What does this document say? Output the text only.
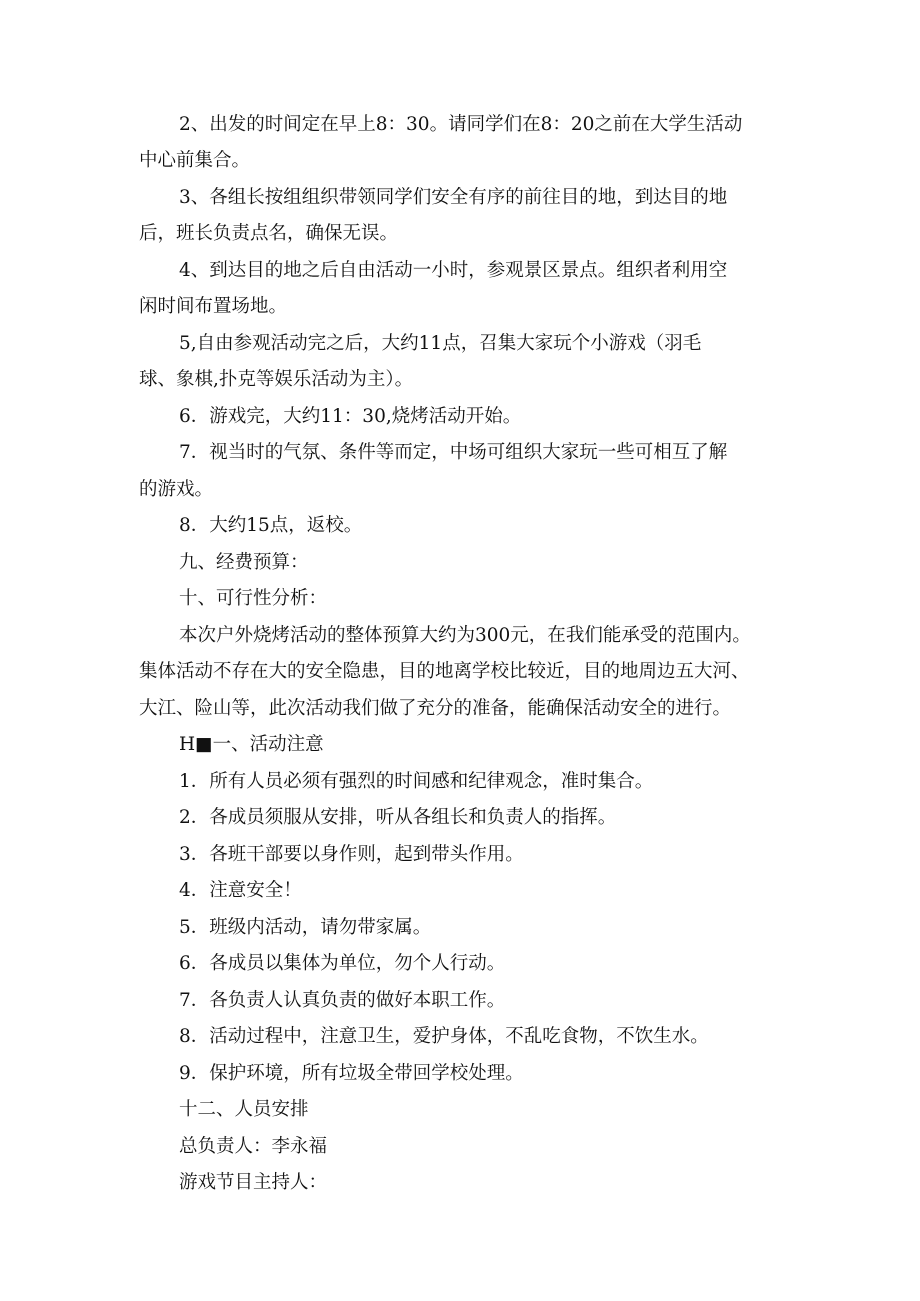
2、出发的时间定在早上8：30。请同学们在8：20之前在大学生活动
中心前集合。
3、各组长按组组织带领同学们安全有序的前往目的地，到达目的地
后，班长负责点名，确保无误。
4、到达目的地之后自由活动一小时，参观景区景点。组织者利用空
闲时间布置场地。
5,自由参观活动完之后，大约11点，召集大家玩个小游戏（羽毛
球、象棋,扑克等娱乐活动为主）。
6．游戏完，大约11：30,烧烤活动开始。
7．视当时的气氛、条件等而定，中场可组织大家玩一些可相互了解
的游戏。
8．大约15点，返校。
九、经费预算：
十、可行性分析：
本次户外烧烤活动的整体预算大约为300元，在我们能承受的范围内。
集体活动不存在大的安全隐患，目的地离学校比较近，目的地周边五大河、
大江、险山等，此次活动我们做了充分的准备，能确保活动安全的进行。
H■一、活动注意
1．所有人员必须有强烈的时间感和纪律观念，准时集合。
2．各成员须服从安排，听从各组长和负责人的指挥。
3．各班干部要以身作则，起到带头作用。
4．注意安全！
5．班级内活动，请勿带家属。
6．各成员以集体为单位，勿个人行动。
7．各负责人认真负责的做好本职工作。
8．活动过程中，注意卫生，爱护身体，不乱吃食物，不饮生水。
9．保护环境，所有垃圾全带回学校处理。
十二、人员安排
总负责人：李永福
游戏节目主持人：
